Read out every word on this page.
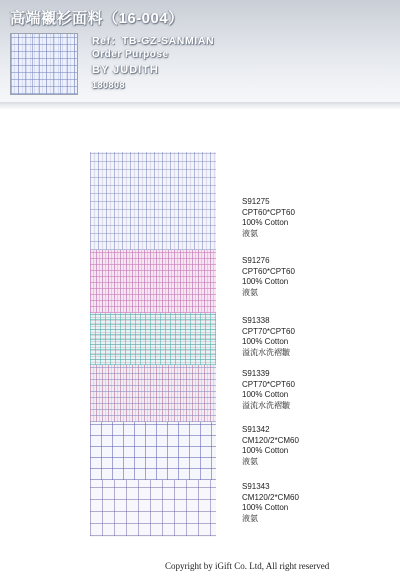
高端襯衫面料（16-004）
Ref：TB-GZ-SANMIAN
Order Purpose
BY JUDITH
180808
S91275
CPT60*CPT60
100% Cotton
液氨
S91276
CPT60*CPT60
100% Cotton
液氨
S91338
CPT70*CPT60
100% Cotton
溢流水洗褶皺
S91339
CPT70*CPT60
100% Cotton
溢流水洗褶皺
S91342
CM120/2*CM60
100% Cotton
液氨
S91343
CM120/2*CM60
100% Cotton
液氨
Copyright by iGift Co. Ltd, All right reserved
